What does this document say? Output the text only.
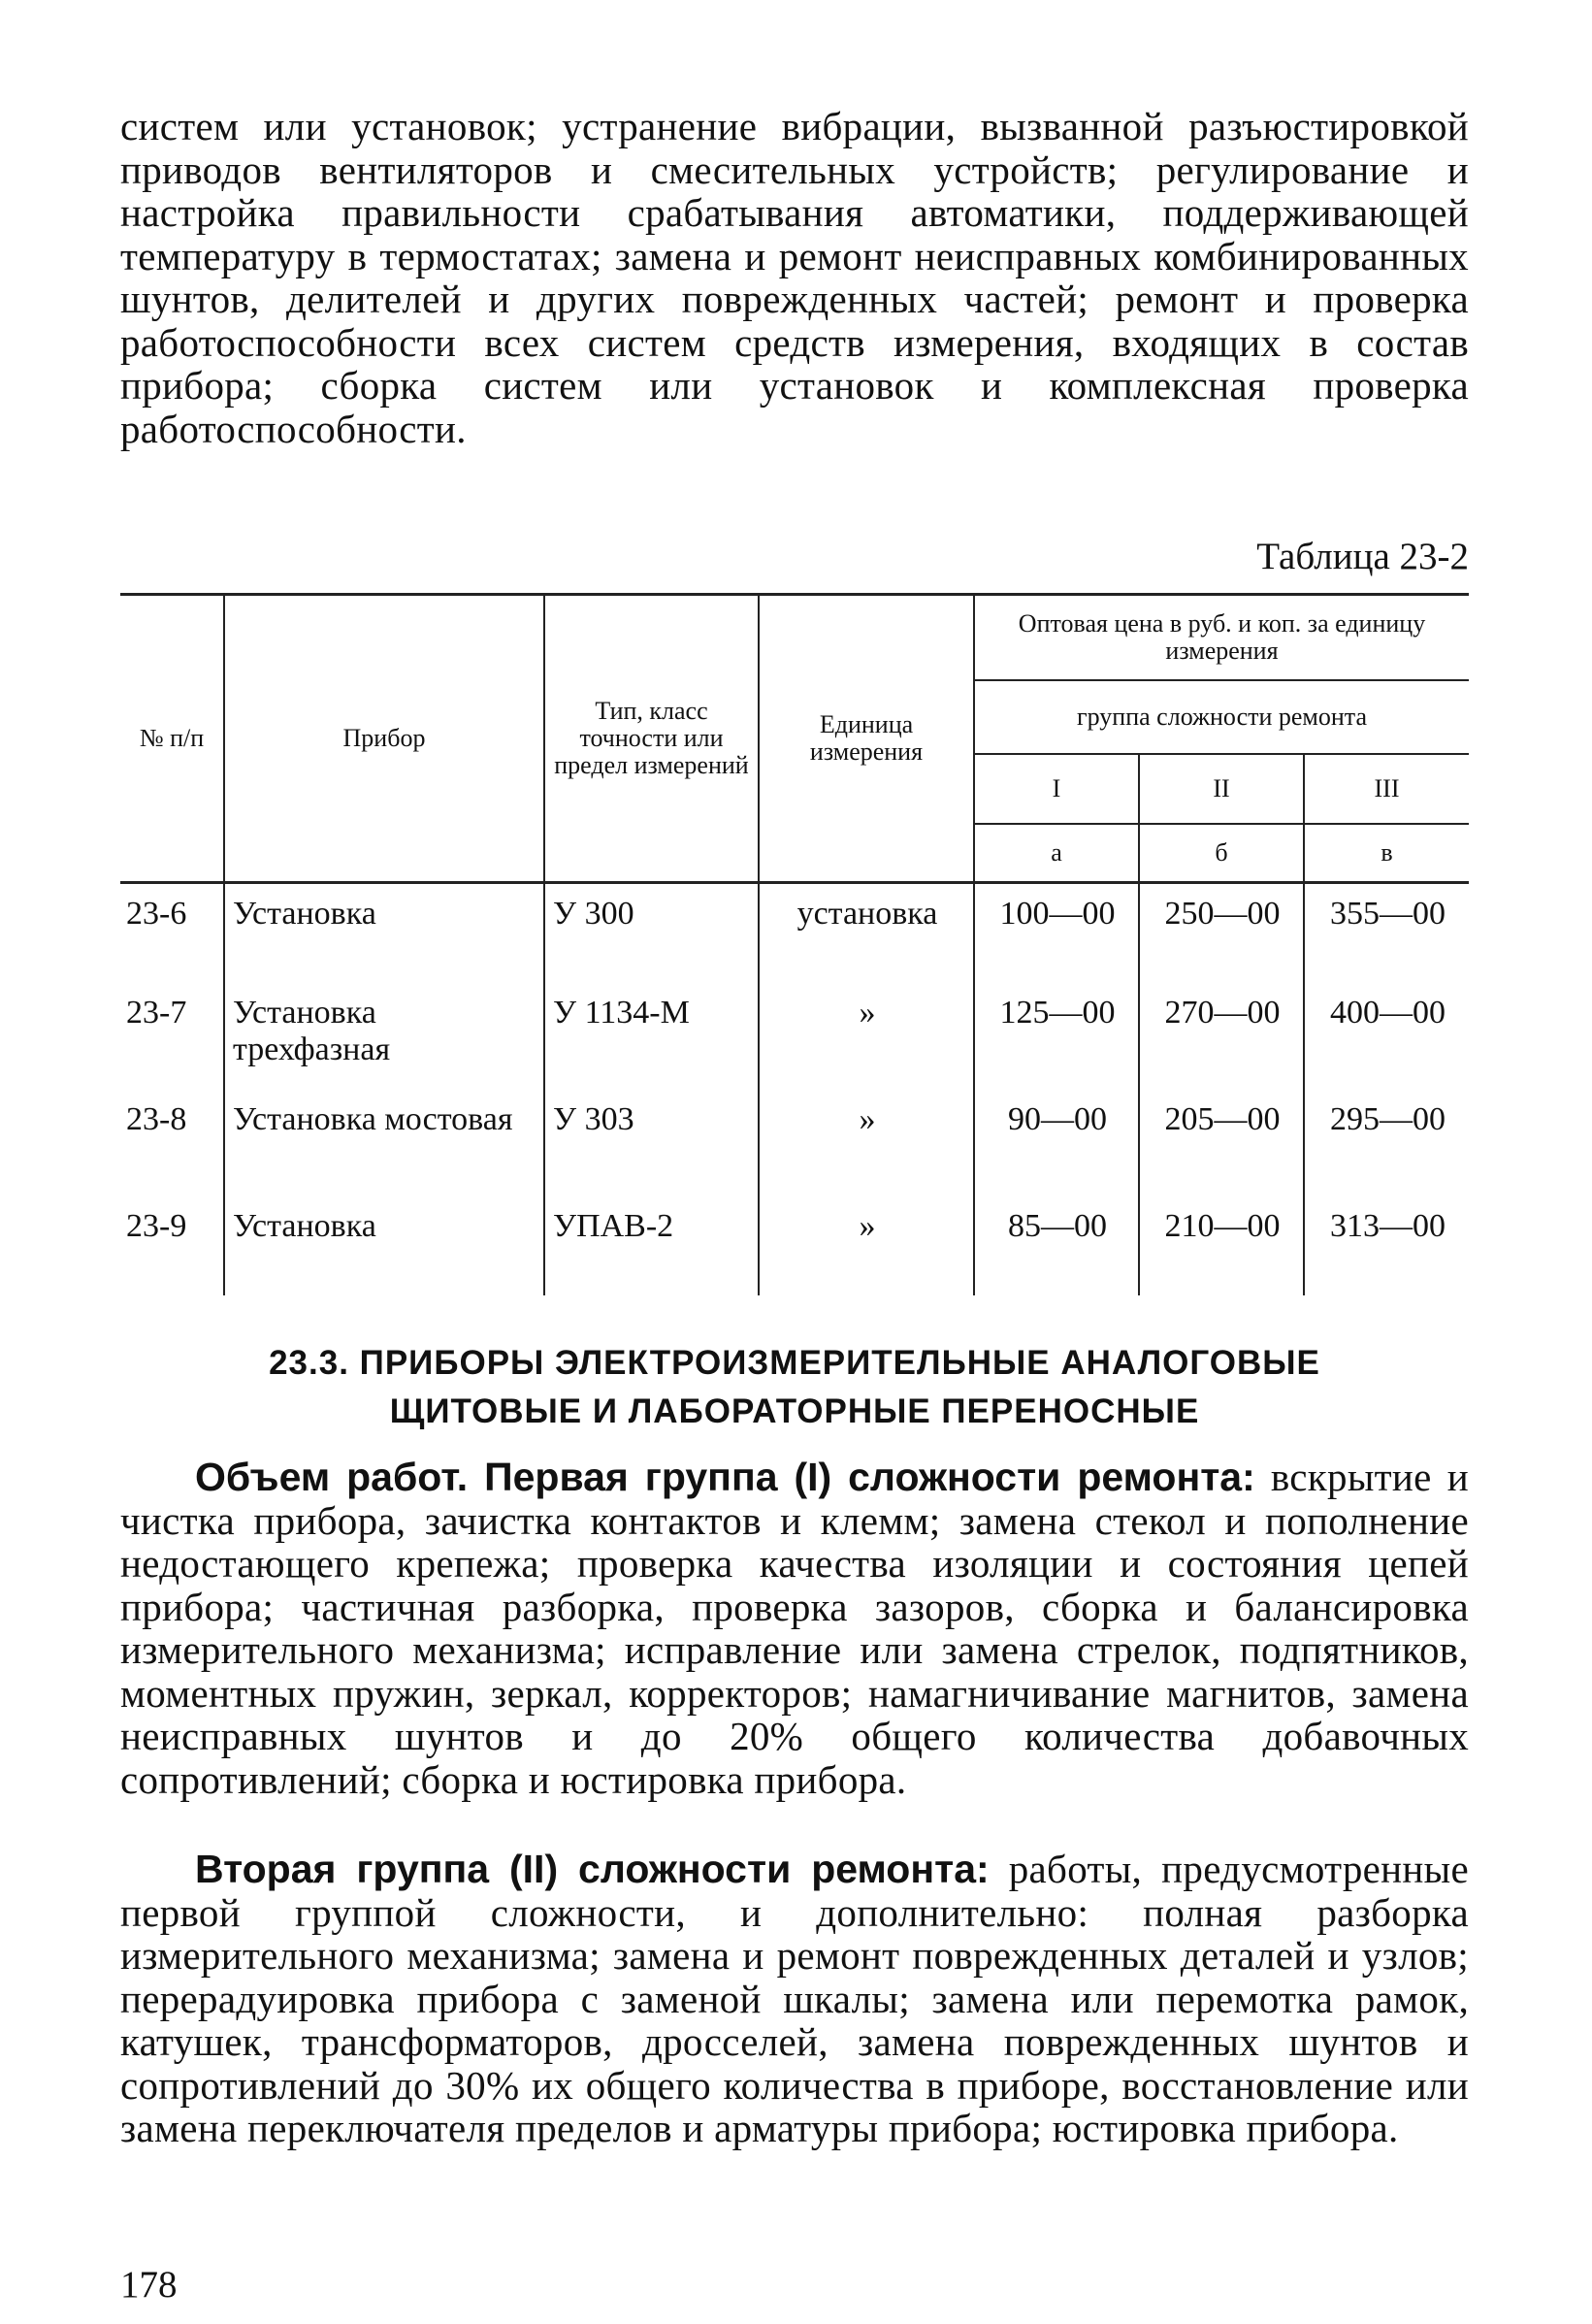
систем или установок; устранение вибрации, вызванной разъюстировкой приводов вентиляторов и смесительных устройств; регулирование и настройка правильности срабатывания автоматики, поддерживающей температуру в термостатах; замена и ремонт неисправных комбинированных шунтов, делителей и других поврежденных частей; ремонт и проверка работоспособности всех систем средств измерения, входящих в состав прибора; сборка систем или установок и комплексная проверка работоспособности.

Таблица 23-2

№ п/п	Прибор	Тип, класс точности или предел измерений	Единица измерения	Оптовая цена в руб. и коп. за единицу измерения		
				группа сложности ремонта		
				I	II	III
				а	б	в
23-6	Установка	У 300	установка	100—00	250—00	355—00
23-7	Установка трехфазная	У 1134-М	»	125—00	270—00	400—00
23-8	Установка мостовая	У 303	»	90—00	205—00	295—00
23-9	Установка	УПАВ-2	»	85—00	210—00	313—00

23.3. ПРИБОРЫ ЭЛЕКТРОИЗМЕРИТЕЛЬНЫЕ АНАЛОГОВЫЕ

ЩИТОВЫЕ И ЛАБОРАТОРНЫЕ ПЕРЕНОСНЫЕ

Объем работ. Первая группа (I) сложности ремонта: вскрытие и чистка прибора, зачистка контактов и клемм; замена стекол и пополнение недостающего крепежа; проверка качества изоляции и состояния цепей прибора; частичная разборка, проверка зазоров, сборка и балансировка измерительного механизма; исправление или замена стрелок, подпятников, моментных пружин, зеркал, корректоров; намагничивание магнитов, замена неисправных шунтов и до 20% общего количества добавочных сопротивлений; сборка и юстировка прибора.

Вторая группа (II) сложности ремонта: работы, предусмотренные первой группой сложности, и дополнительно: полная разборка измерительного механизма; замена и ремонт поврежденных деталей и узлов; перерадуировка прибора с заменой шкалы; замена или перемотка рамок, катушек, трансформаторов, дросселей, замена поврежденных шунтов и сопротивлений до 30% их общего количества в приборе, восстановление или замена переключателя пределов и арматуры прибора; юстировка прибора.

178
